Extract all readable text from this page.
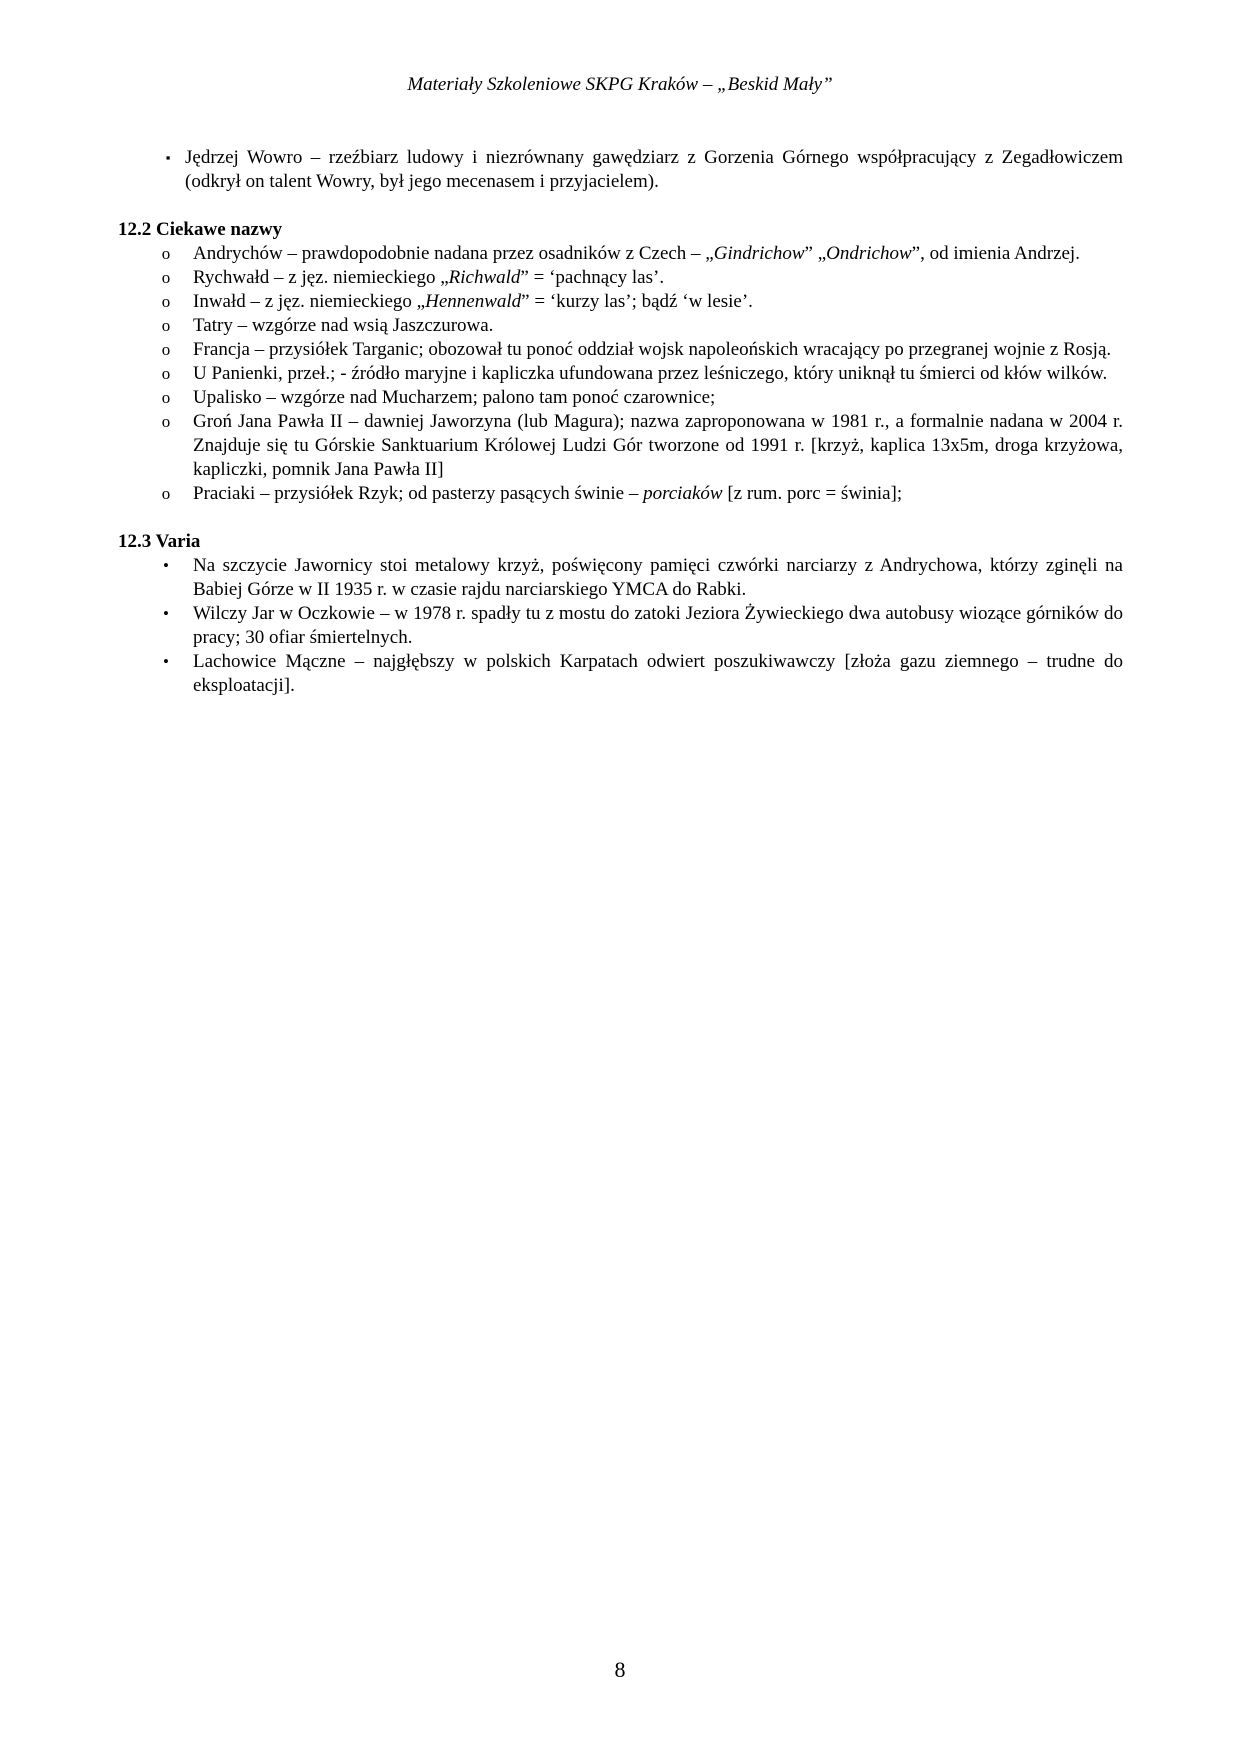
Materiały Szkoleniowe SKPG Kraków – „Beskid Mały”
▪ Jędrzej Wowro – rzeźbiarz ludowy i niezrównany gawędziarz z Gorzenia Górnego współpracujący z Zegadłowiczem (odkrył on talent Wowry, był jego mecenasem i przyjacielem).
12.2 Ciekawe nazwy
o	Andrychów – prawdopodobnie nadana przez osadników z Czech – „Gindrichow” „Ondrichow”, od imienia Andrzej.
o	Rychwałd – z jęz. niemieckiego „Richwald” = ‘pachnący las’.
o	Inwałd – z jęz. niemieckiego „Hennenwald” = ‘kurzy las’; bądź ‘w lesie’.
o	Tatry – wzgórze nad wsią Jaszczurowa.
o	Francja – przysiółek Targanic; obozował tu ponoć oddział wojsk napoleońskich wracający po przegranej wojnie z Rosją.
o	U Panienki, przeł.; - źródło maryjne i kapliczka ufundowana przez leśniczego, który uniknął tu śmierci od kłów wilków.
o	Upalisko – wzgórze nad Mucharzem; palono tam ponoć czarownice;
o	Groń Jana Pawła II – dawniej Jaworzyna (lub Magura); nazwa zaproponowana w 1981 r., a formalnie nadana w 2004 r. Znajduje się tu Górskie Sanktuarium Królowej Ludzi Gór tworzone od 1991 r. [krzyż, kaplica 13x5m, droga krzyżowa, kapliczki, pomnik Jana Pawła II]
o	Praciaki – przysiółek Rzyk; od pasterzy pasących świnie – porciaków [z rum. porc = świnia];
12.3 Varia
•	Na szczycie Jawornicy stoi metalowy krzyż, poświęcony pamięci czwórki narciarzy z Andrychowa, którzy zginęli na Babiej Górze w II 1935 r. w czasie rajdu narciarskiego YMCA do Rabki.
•	Wilczy Jar w Oczkowie – w 1978 r. spadły tu z mostu do zatoki Jeziora Żywieckiego dwa autobusy wiozące górników do pracy; 30 ofiar śmiertelnych.
•	Lachowice Mączne – najgłębszy w polskich Karpatach odwiert poszukiwawczy [złoża gazu ziemnego – trudne do eksploatacji].
8
